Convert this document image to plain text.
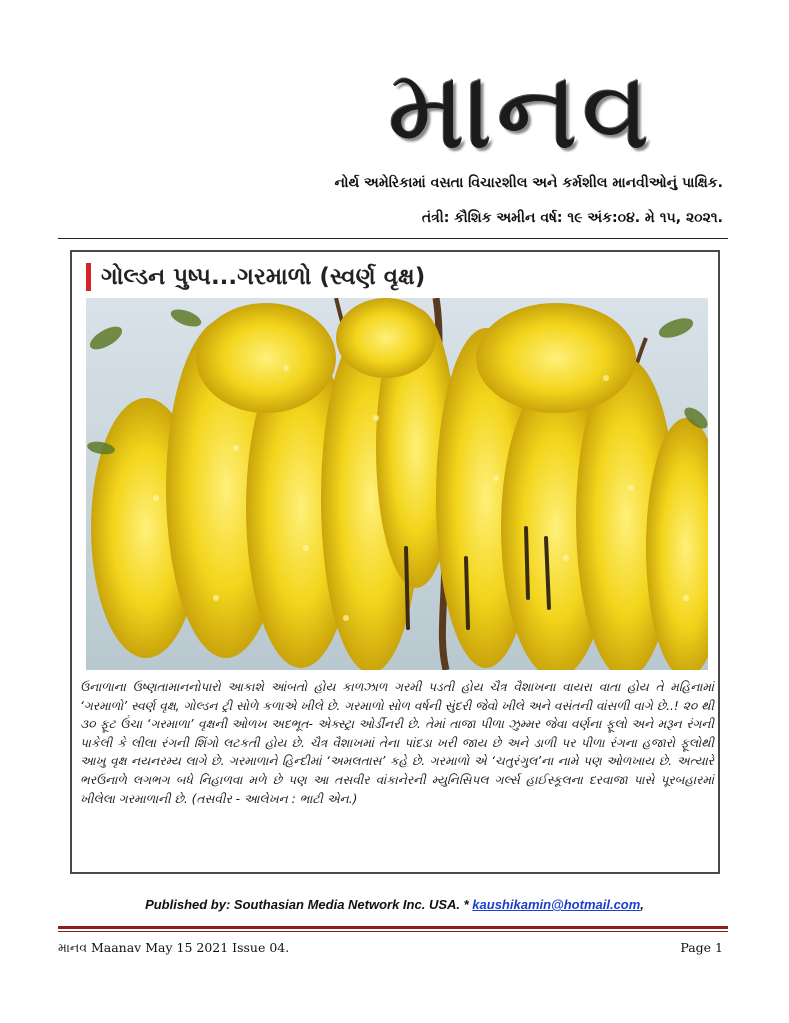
માનવ
નોર્થ અમેરિકામાં વસતા વિચારશીલ અને કર્મશીલ માનવીઓનું પાક્ષિક.
તંત્રી: કૌશિક અમીન વર્ષ: ૧૯ અંક:૦૪. મે ૧૫, ૨૦૨૧.
ગોલ્ડન પુષ્પ...ગરમાળો (સ્વર્ણ વૃક્ષ)
ઉનાળાના ઉષ્ણતામાનનોપારો આકાશે આંબતો હોય કાળઝાળ ગરમી પડતી હોય ચૈત્ર વૈશાખના વાયરા વાતા હોય તે મહિનામાં ‘ગરમાળો’ સ્વર્ણ વૃક્ષ, ગોલ્ડન ટ્રી સોળે કળાએ ખીલે છે. ગરમાળો સોળ વર્ષની સુંદરી જેવો ખીલે અને વસંતની વાંસળી વાગે છે..! ૨૦ થી ૩૦ ફૂટ ઉંચા ‘ગરમાળા’ વૃક્ષની ઓળખ અદભૂત- એક્સ્ટ્રા ઓર્ડીનરી છે. તેમાં તાજા પીળા ઝુમ્મર જેવા વર્ણના ફૂલો અને મરૂન રંગની પાકેલી કે લીલા રંગની શિંગો લટકતી હોય છે. ચૈત્ર વૈશાખમાં તેના પાંદડા ખરી જાય છે અને ડાળી પર પીળા રંગના હજારો ફૂલોથી આખુ વૃક્ષ નયનરમ્ય લાગે છે. ગરમાળાને હિન્દીમાં ‘અમલતાસ’ કહે છે. ગરમાળો એ ‘ચતુરંગુલ’ના નામે પણ ઓળખાય છે. અત્યારે ભરઉનાળે લગભગ બધે નિહાળવા મળે છે પણ આ તસવીર વાંકાનેરની મ્યુનિસિપલ ગર્લ્સ હાઈસ્કૂલના દરવાજા પાસે પૂરબહારમાં ખીલેલા ગરમાળાની છે. (તસવીર - આલેખન : ભાટી એન.)
Published by: Southasian Media Network Inc. USA. * kaushikamin@hotmail.com,
માનવ Maanav May 15 2021 Issue 04.	Page 1
